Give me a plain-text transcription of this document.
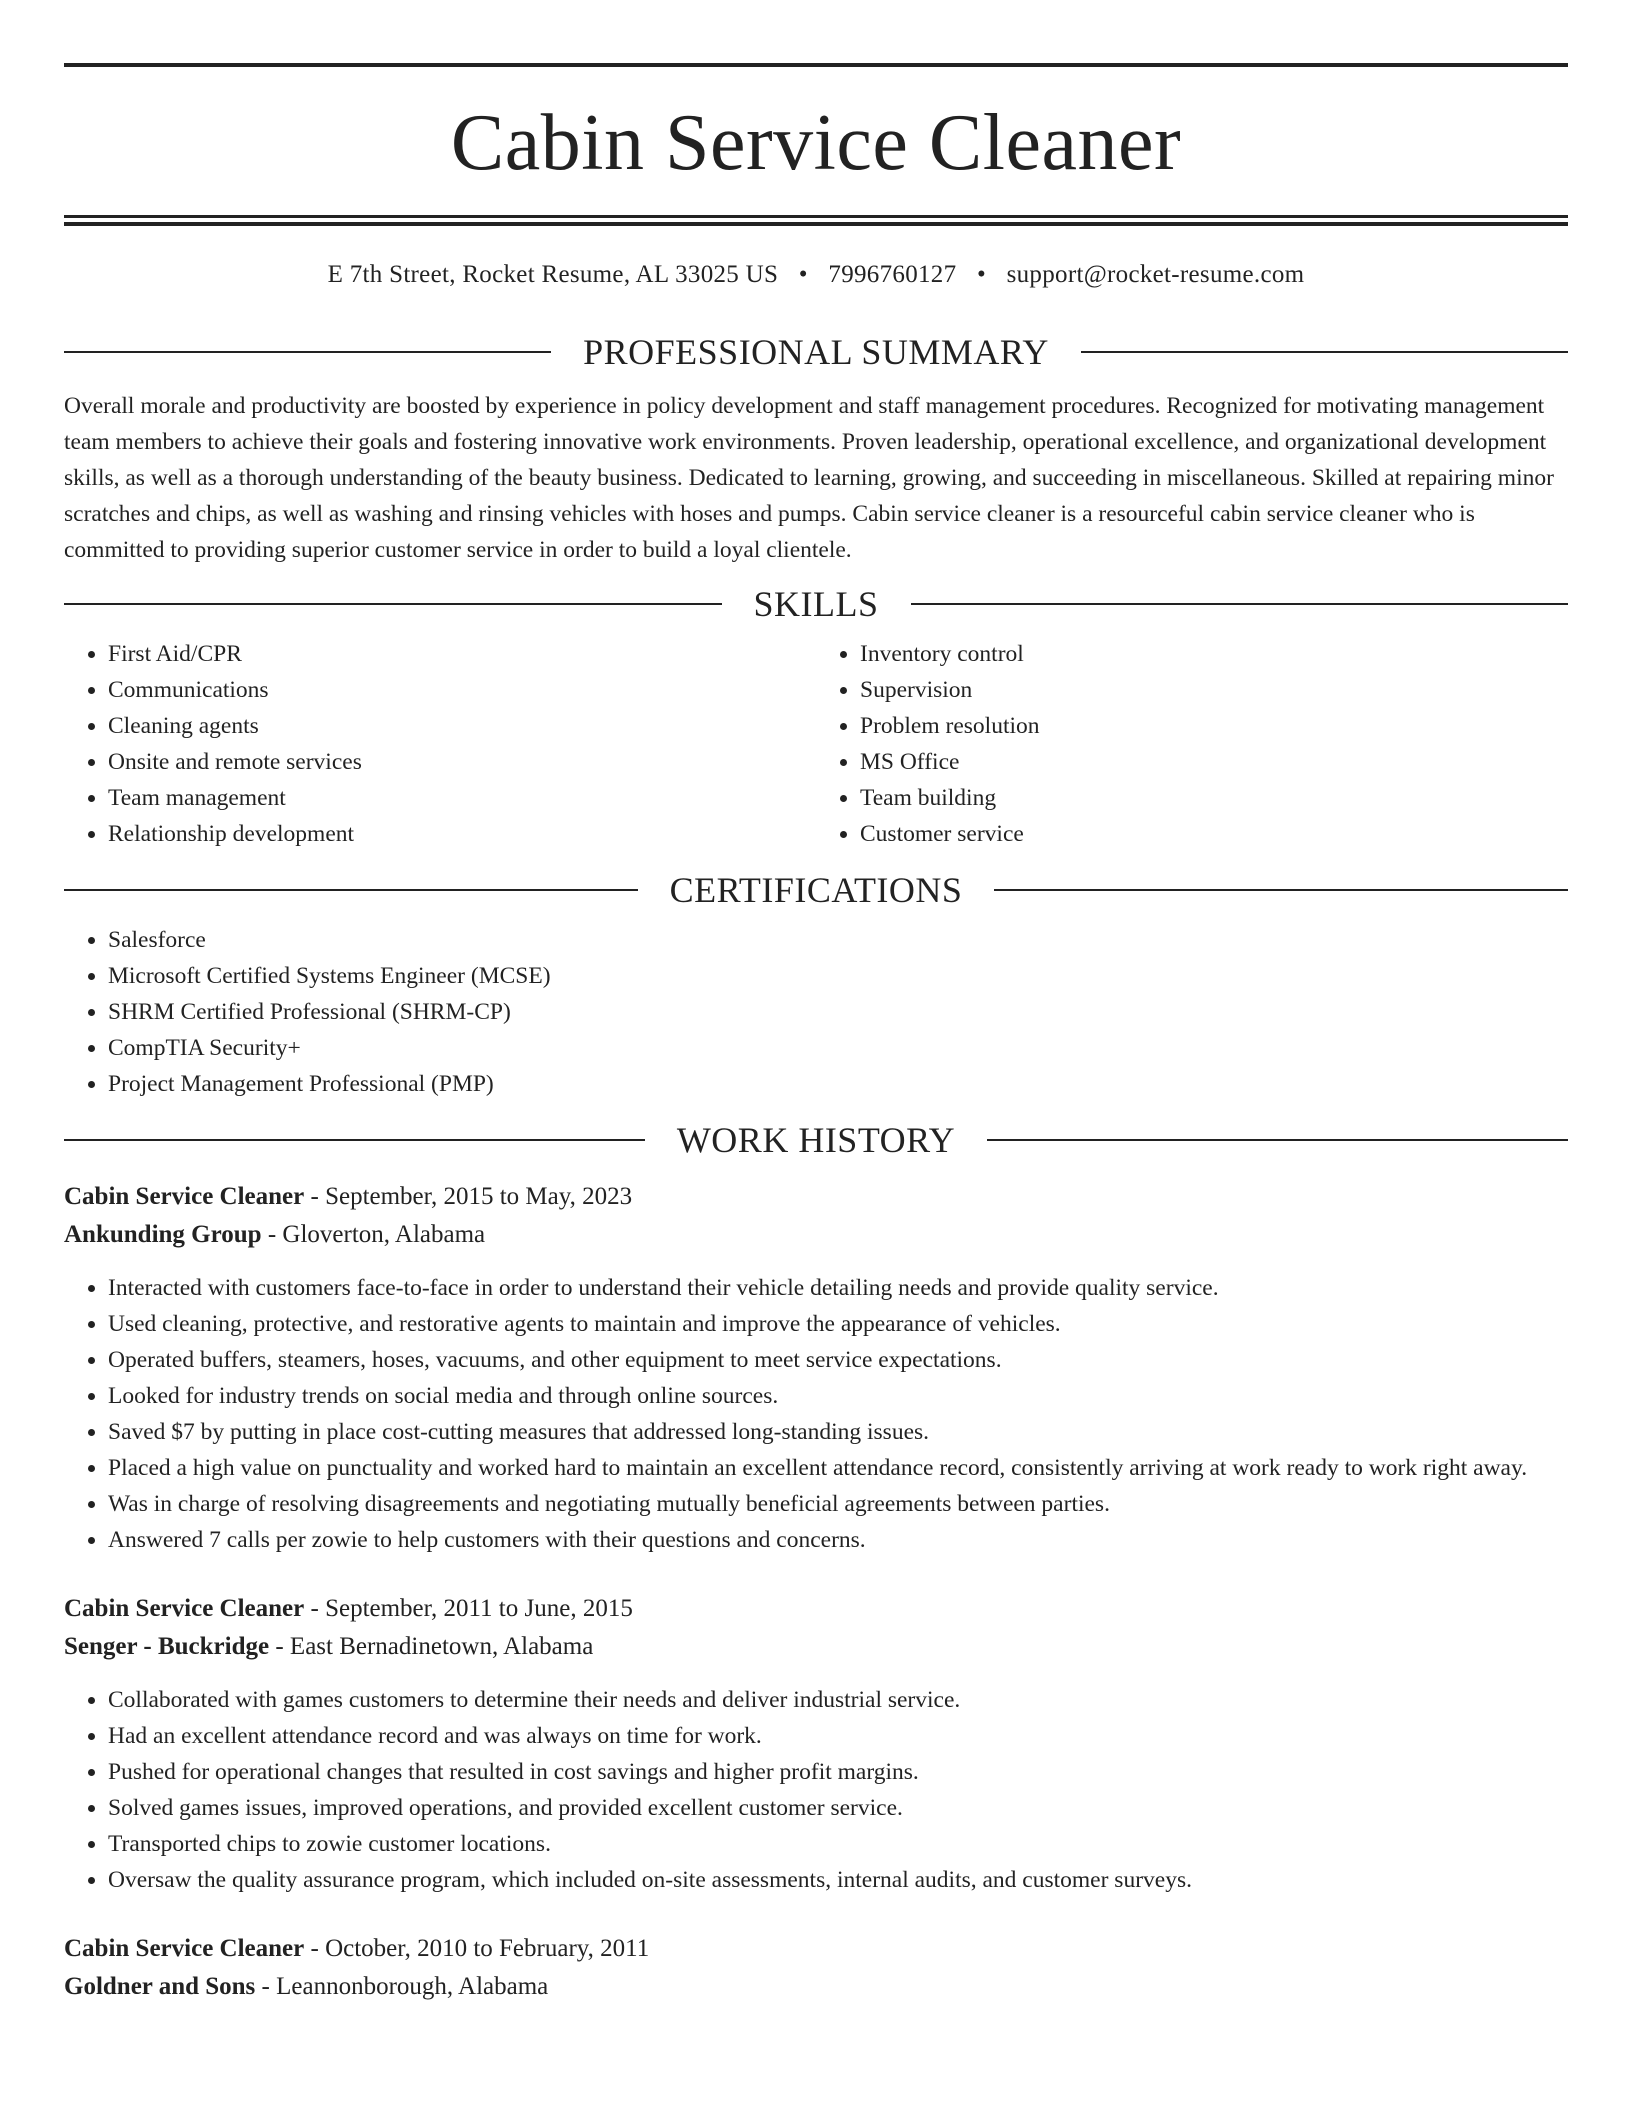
Cabin Service Cleaner
E 7th Street, Rocket Resume, AL 33025 US • 7996760127 • support@rocket-resume.com
PROFESSIONAL SUMMARY

Overall morale and productivity are boosted by experience in policy development and staff management procedures. Recognized for motivating management team members to achieve their goals and fostering innovative work environments. Proven leadership, operational excellence, and organizational development skills, as well as a thorough understanding of the beauty business. Dedicated to learning, growing, and succeeding in miscellaneous. Skilled at repairing minor scratches and chips, as well as washing and rinsing vehicles with hoses and pumps. Cabin service cleaner is a resourceful cabin service cleaner who is committed to providing superior customer service in order to build a loyal clientele.

SKILLS
• First Aid/CPR
• Communications
• Cleaning agents
• Onsite and remote services
• Team management
• Relationship development
• Inventory control
• Supervision
• Problem resolution
• MS Office
• Team building
• Customer service
CERTIFICATIONS
• Salesforce
• Microsoft Certified Systems Engineer (MCSE)
• SHRM Certified Professional (SHRM-CP)
• CompTIA Security+
• Project Management Professional (PMP)
WORK HISTORY
Cabin Service Cleaner - September, 2015 to May, 2023
Ankunding Group - Gloverton, Alabama
• Interacted with customers face-to-face in order to understand their vehicle detailing needs and provide quality service.
• Used cleaning, protective, and restorative agents to maintain and improve the appearance of vehicles.
• Operated buffers, steamers, hoses, vacuums, and other equipment to meet service expectations.
• Looked for industry trends on social media and through online sources.
• Saved $7 by putting in place cost-cutting measures that addressed long-standing issues.
• Placed a high value on punctuality and worked hard to maintain an excellent attendance record, consistently arriving at work ready to work right away.
• Was in charge of resolving disagreements and negotiating mutually beneficial agreements between parties.
• Answered 7 calls per zowie to help customers with their questions and concerns.
Cabin Service Cleaner - September, 2011 to June, 2015
Senger - Buckridge - East Bernadinetown, Alabama
• Collaborated with games customers to determine their needs and deliver industrial service.
• Had an excellent attendance record and was always on time for work.
• Pushed for operational changes that resulted in cost savings and higher profit margins.
• Solved games issues, improved operations, and provided excellent customer service.
• Transported chips to zowie customer locations.
• Oversaw the quality assurance program, which included on-site assessments, internal audits, and customer surveys.
Cabin Service Cleaner - October, 2010 to February, 2011
Goldner and Sons - Leannonborough, Alabama
